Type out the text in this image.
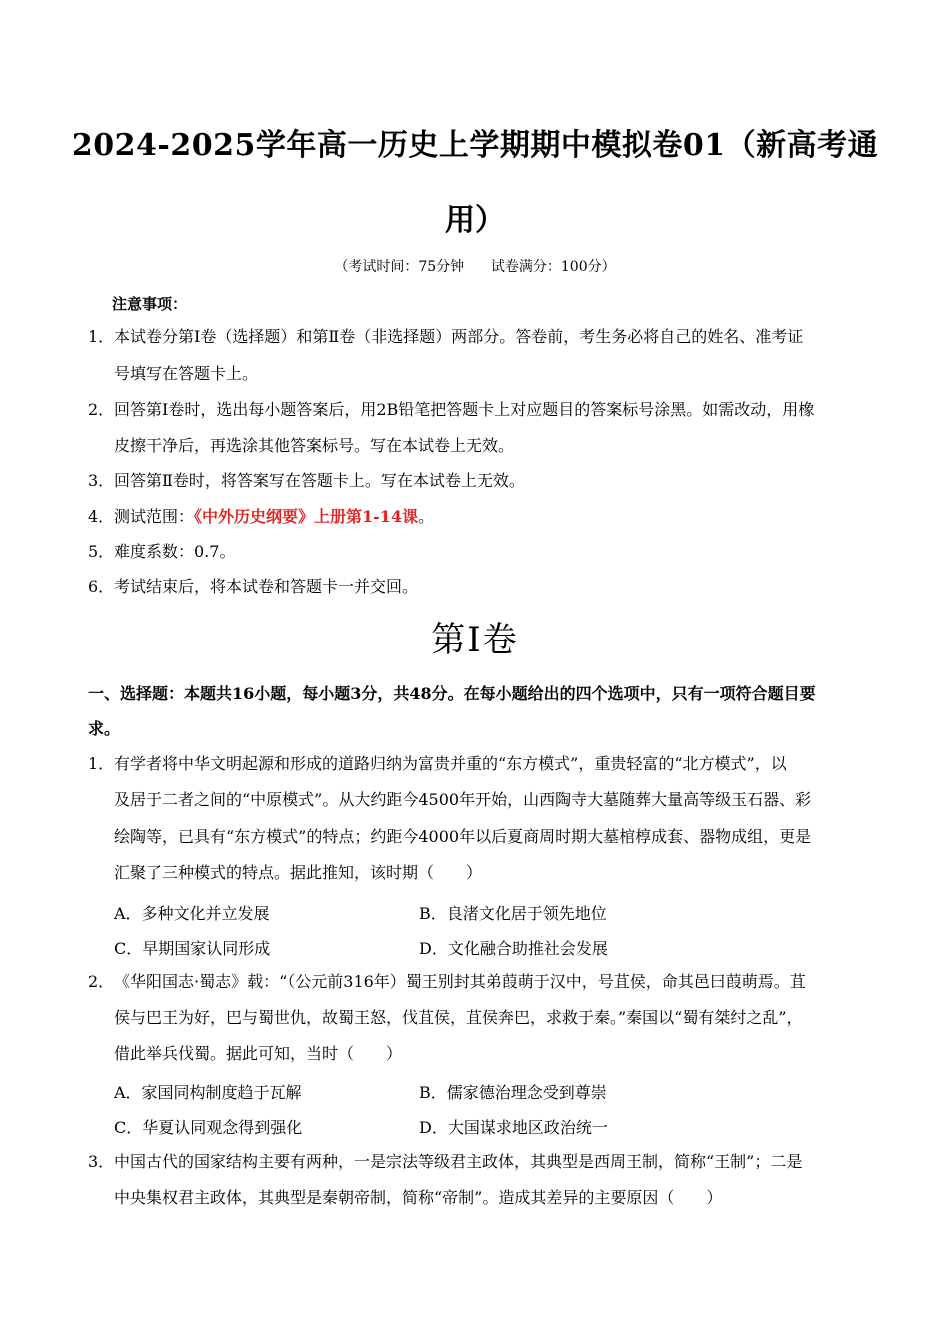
2024-2025学年高一历史上学期期中模拟卷01（新高考通
用）
（考试时间：75分钟 试卷满分：100分）
注意事项：
1． 本试卷分第Ⅰ卷（选择题）和第Ⅱ卷（非选择题）两部分。答卷前，考生务必将自己的姓名、准考证
号填写在答题卡上。
2． 回答第Ⅰ卷时，选出每小题答案后，用2B铅笔把答题卡上对应题目的答案标号涂黑。如需改动，用橡
皮擦干净后，再选涂其他答案标号。写在本试卷上无效。
3． 回答第Ⅱ卷时，将答案写在答题卡上。写在本试卷上无效。
4． 测试范围：《中外历史纲要》上册第1-14课。
5． 难度系数：0.7。
6． 考试结束后，将本试卷和答题卡一并交回。
第Ⅰ卷
一、选择题：本题共16小题，每小题3分，共48分。在每小题给出的四个选项中，只有一项符合题目要
求。
1． 有学者将中华文明起源和形成的道路归纳为富贵并重的“东方模式”，重贵轻富的“北方模式”，以
及居于二者之间的“中原模式”。从大约距今4500年开始，山西陶寺大墓随葬大量高等级玉石器、彩
绘陶等，已具有“东方模式”的特点；约距今4000年以后夏商周时期大墓棺椁成套、器物成组，更是
汇聚了三种模式的特点。据此推知，该时期（　　）
A．多种文化并立发展	B．良渚文化居于领先地位
C．早期国家认同形成	D．文化融合助推社会发展
2． 《华阳国志·蜀志》载：“（公元前316年）蜀王别封其弟葭萌于汉中，号苴侯，命其邑曰葭萌焉。苴
侯与巴王为好，巴与蜀世仇，故蜀王怒，伐苴侯，苴侯奔巴，求救于秦。”秦国以“蜀有桀纣之乱”，
借此举兵伐蜀。据此可知，当时（　　）
A．家国同构制度趋于瓦解	B．儒家德治理念受到尊崇
C．华夏认同观念得到强化	D．大国谋求地区政治统一
3． 中国古代的国家结构主要有两种，一是宗法等级君主政体，其典型是西周王制，简称“王制”；二是
中央集权君主政体，其典型是秦朝帝制，简称“帝制”。造成其差异的主要原因（　　）
